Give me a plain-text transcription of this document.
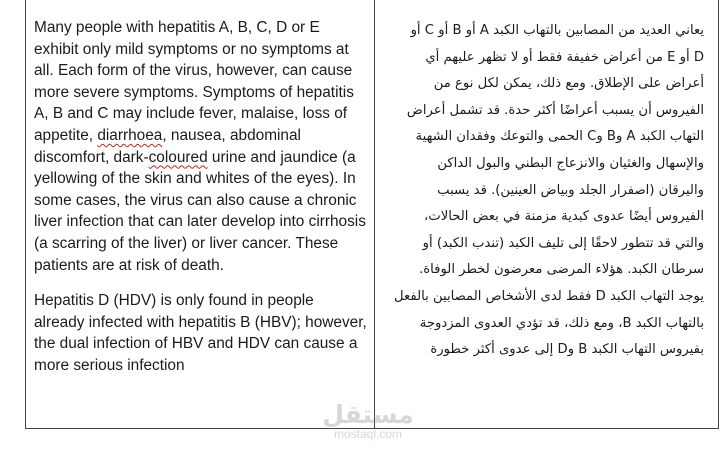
Many people with hepatitis A, B, C, D or E exhibit only mild symptoms or no symptoms at all. Each form of the virus, however, can cause more severe symptoms. Symptoms of hepatitis A, B and C may include fever, malaise, loss of appetite, diarrhoea, nausea, abdominal discomfort, dark-coloured urine and jaundice (a yellowing of the skin and whites of the eyes). In some cases, the virus can also cause a chronic liver infection that can later develop into cirrhosis (a scarring of the liver) or liver cancer. These patients are at risk of death.

Hepatitis D (HDV) is only found in people already infected with hepatitis B (HBV); however, the dual infection of HBV and HDV can cause a more serious infection

يعاني العديد من المصابين بالتهاب الكبد A أو B أو C أو
D أو E من أعراض خفيفة فقط أو لا تظهر عليهم أي
أعراض على الإطلاق. ومع ذلك، يمكن لكل نوع من
الفيروس أن يسبب أعراضًا أكثر حدة. قد تشمل أعراض
التهاب الكبد A وB وC الحمى والتوعك وفقدان الشهية
والإسهال والغثيان والانزعاج البطني والبول الداكن
واليرقان (اصفرار الجلد وبياض العينين). قد يسبب
الفيروس أيضًا عدوى كبدية مزمنة في بعض الحالات،
والتي قد تتطور لاحقًا إلى تليف الكبد (تندب الكبد) أو
سرطان الكبد. هؤلاء المرضى معرضون لخطر الوفاة.
يوجد التهاب الكبد D فقط لدى الأشخاص المصابين بالفعل
بالتهاب الكبد B، ومع ذلك، قد تؤدي العدوى المزدوجة
بفيروس التهاب الكبد B وD إلى عدوى أكثر خطورة

مستقل
mostaql.com
